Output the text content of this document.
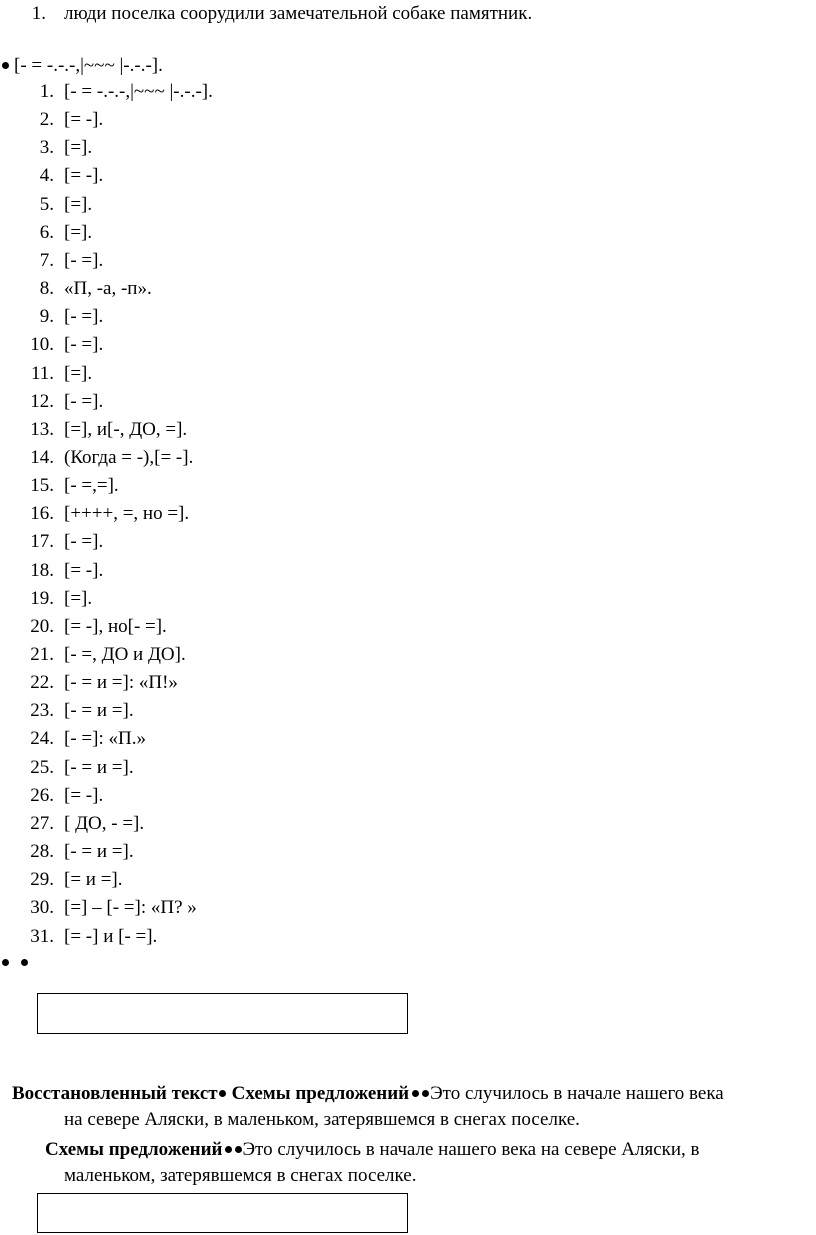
1. люди поселка соорудили замечательной собаке памятник.
[- = -.-.-,|~~~ |-.-.-].
1. [- = -.-.-,|~~~ |-.-.-].
2. [= -].
3. [=].
4. [= -].
5. [=].
6. [=].
7. [- =].
8. «П, -а, -п».
9. [- =].
10. [- =].
11. [=].
12. [- =].
13. [=], и[-, ДО, =].
14. (Когда = -),[= -].
15. [- =,=].
16. [++++, =, но =].
17. [- =].
18. [= -].
19. [=].
20. [= -], но[- =].
21. [- =, ДО и ДО].
22. [- = и =]: «П!»
23. [- = и =].
24. [- =]: «П.»
25. [- = и =].
26. [= -].
27. [ ДО, - =].
28. [- = и =].
29. [= и =].
30. [=] – [- =]: «П? »
31. [= -] и [- =].

Восстановленный текст Схемы предложений Это случилось в начале нашего века
на севере Аляски, в маленьком, затерявшемся в снегах поселке.
Схемы предложений Это случилось в начале нашего века на севере Аляски, в
маленьком, затерявшемся в снегах поселке.
